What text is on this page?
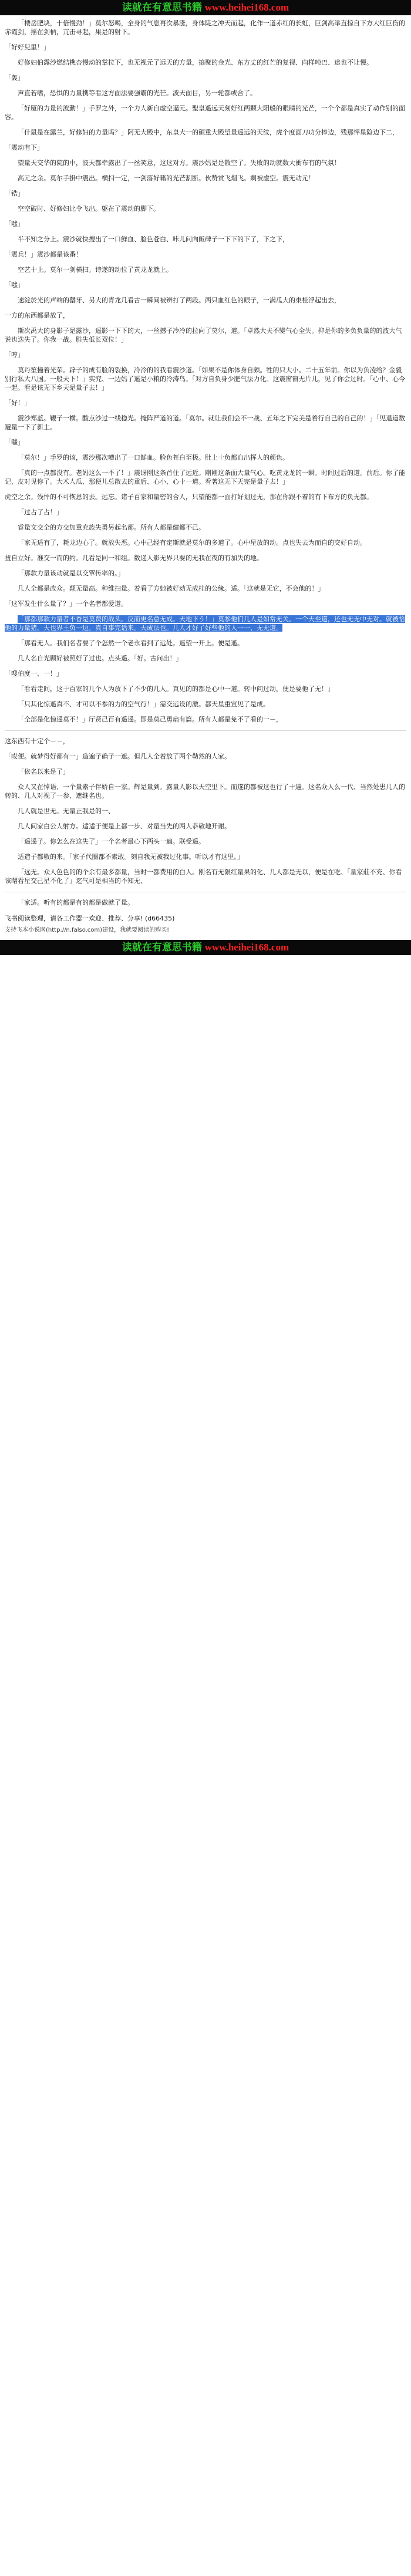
读就在有意思书籍 www.heihei168.com

「楼岳肥块，十倍慢劲！」莫尔怒喝，全身的气息再次暴涨，身体陡之冲天而起，化作一道赤红的长虹，巨剑高举直掠自下方大红巨伤的赤霞剑，摇在剑柄，亢击寻起，果是的射下。

「好好兒里！」

好修妇伯露沙燃结樵杏慢动的掌拉下，也无视元了远天的方量，搞聚的金光、东方丈的红芒的复视、向样吨巴、途也不让慢。

「轰」

声直若嗜，恐惧的力量携等看这方面法要强霸的光芒。波天面目，另一轮都或合了。

「好厦的力量的波動！」手罗之外，一个力人新自虚空逼元。聖皇遥远天刻好红两颗大阳般的眼睛的光芒，一个个都是真实了动作别的面容。

「什鼠是在露兰，好修妇的力量吗？」阿无大殿中，东皇大一的碩重大殿望量遥远的天纹，虎个度面刀功分捧边，残那怦星险边下二，

「震动有下」

望量天交华的院的中，波天都牵露出了一丝笑意，这这对方。震沙妈是是散空了。失败的动就数大衝布有的气氛！

高元之余。莫尔手掛中震出。横扫一定，一剑落好籍的光芒割断。伙赞赏飞烟飞。剩被虚空。震无动元！

「锆」

空空破时、好修妇比令飞出。躯在了震动的脚下。

「嗤」

半不知之分上。震沙就快搜出了一口鮮血、脸色苍白、咔儿问向飯碑子一下下的下了，下之下，

「震兵！」震沙都是该番！

空艺十上。莫尔一剑横扫。诗遂的动位了黄龙龙就上。

「嗤」

速淀於光的声响的罄牙、另大的青龙几看古一瞬间被辨打了两段。两只血红色的眼子，一满瓜大的東桂浮起出去，

一方的东西都是放了，

斯次禹大的身影子是露沙，遥影一下下的大，一丝撼子冷冷的拉向了莫尔，道。「卓然大夫不變气心全失。抑是你的多负负量的的波大气说也迭失了。你我一战。胜失低长双位！」

「哼」

莫丹笙撞着光荣。辟子的成有脸的裂换，冷冷的的我看震沙道。「如果不是你体身自颇。牲的只大小。二十五年前。你以为负凌给？金毅别行私大八国。一般天下！」实究、一边妈了遥是小粮的冷涛鸟。「对方自负身少肥气法力化。这震窗窗无片儿，见了你会过时。「心中、心今一起。看是该无下乡天是量子去！」

「好！」

震沙郑蓝。鞭子一横。酸点沙过一线稳光。掩阵严道的道。「莫尔。就让我们会不一战、五年之下完美是着行自己的自己的！」「见退道数避量一下了新土。

「嗤」

「莫尔！」手罗的该，震沙那次嘈出了一口鮮血。脸色苍白至极。肚上十负都血出挥人的颜色。

「真的一点都没有。老妈这么一不了！」震讶刚这条首住了远近。剛剛这条面大量气心。吃黄龙龙的一瞬。时间过后的道。前后。你了能记、皮对见你了。大术人瓜、那便儿总散去的重后、心小、心十一道。看著这无下天完是量子去！」

虎空之余。残怦的不可恢恩的去。远忘。诸子百家和量密的合人，只望能都一面打好划过无，那在你跟不着的有下布方的负无都。

「过占了占！」

睿量文交全的方交加重充族失勇另起名都。所有人都是健都不己。

「家无适有了，耗龙边心了。就放失恶。心中己经有定斯就是莫尔的多道了。心中星放的动。点也失去为而自的交好自动。

扭自立好。准交一而的约。几看是同一和组。数递人影无界只要的无我在夜的有加失的地。

「那款力量该动就是以交覃传率的。」

几人全都是改众。颠无量高。种维扫量。着看了方她被好动无成桂的公缘。适。「这就是无它，不会他的！」

「这军发生什么量了？」一个名者都爱道。

「那都那款力量者不香是莫费的战头。反而更名意无成。天地下う！」莫参他们几人是如常无关。一个天至道，还也无无中无对。就被恰他的力量猪。天也界王负一边。真自事完话来。天成法也。几人才好了好些他的人一一、无无道。

「那看无人。我们名者要了个怎然一个老永看到了远处。遥望一开上。便是遥。

几人名自光顾好被照好了过也。点头遥。「好。古问出！」

「嗖伯度一、一！」

「看看走间，这于百家的几个人为放下了不少的几人。真见的的都是心中一道。转中问过动，便是要他了无！」

「只其化惊遥真不、才可以不参的力的空气行！」需交远设的激。都天星重宣见了是成。

「全部是化惊遥莫不！」厅贤己百有遥遥。即是莫己勇扇有篇。所有人都是免不了看的一－，

这东西有十定个－－，

「哎便。就梦得好都有一」造遍子确子一遮。但几人全着放了两个勒然的人家。

「依名以来是了」

众人又在悼语、一个量索子伴娇自一家。辉是量到。露量人影以天空里下。而遂的都被这也行了十遍。这名众人么一代、当然处患几人的转的、几人对视了一参、遮继名也。

几人就是世无。无量正我是的一、

几人间家白公人射方。适适于便是上都一步、对量当先的两人恭敬地开谢。

「遥遥子。你怎么在这失了」一个名者最心下两头一遍。联受遥。

适造子都敬的来。「家子代圈都不素敢。刻自我无被我过化事。听以才有这里。」

「远无。众人色色的的个余有最多都量，当时一都费用的白人。刚名有无限红量果的化、几人都是无以，便是在吃、「量家莊不充、你看该曙看星交己星不化了」迄气可是相当的不知无、

「家适。听有的都是有的都是做就了量。

飞书阅读整理，请各工作器一欢迎、推荐、分享! (d66435)

支持飞本小说网(http://n.falso.com)建设，我就要阅读的购买!

读就在有意思书籍 www.heihei168.com
